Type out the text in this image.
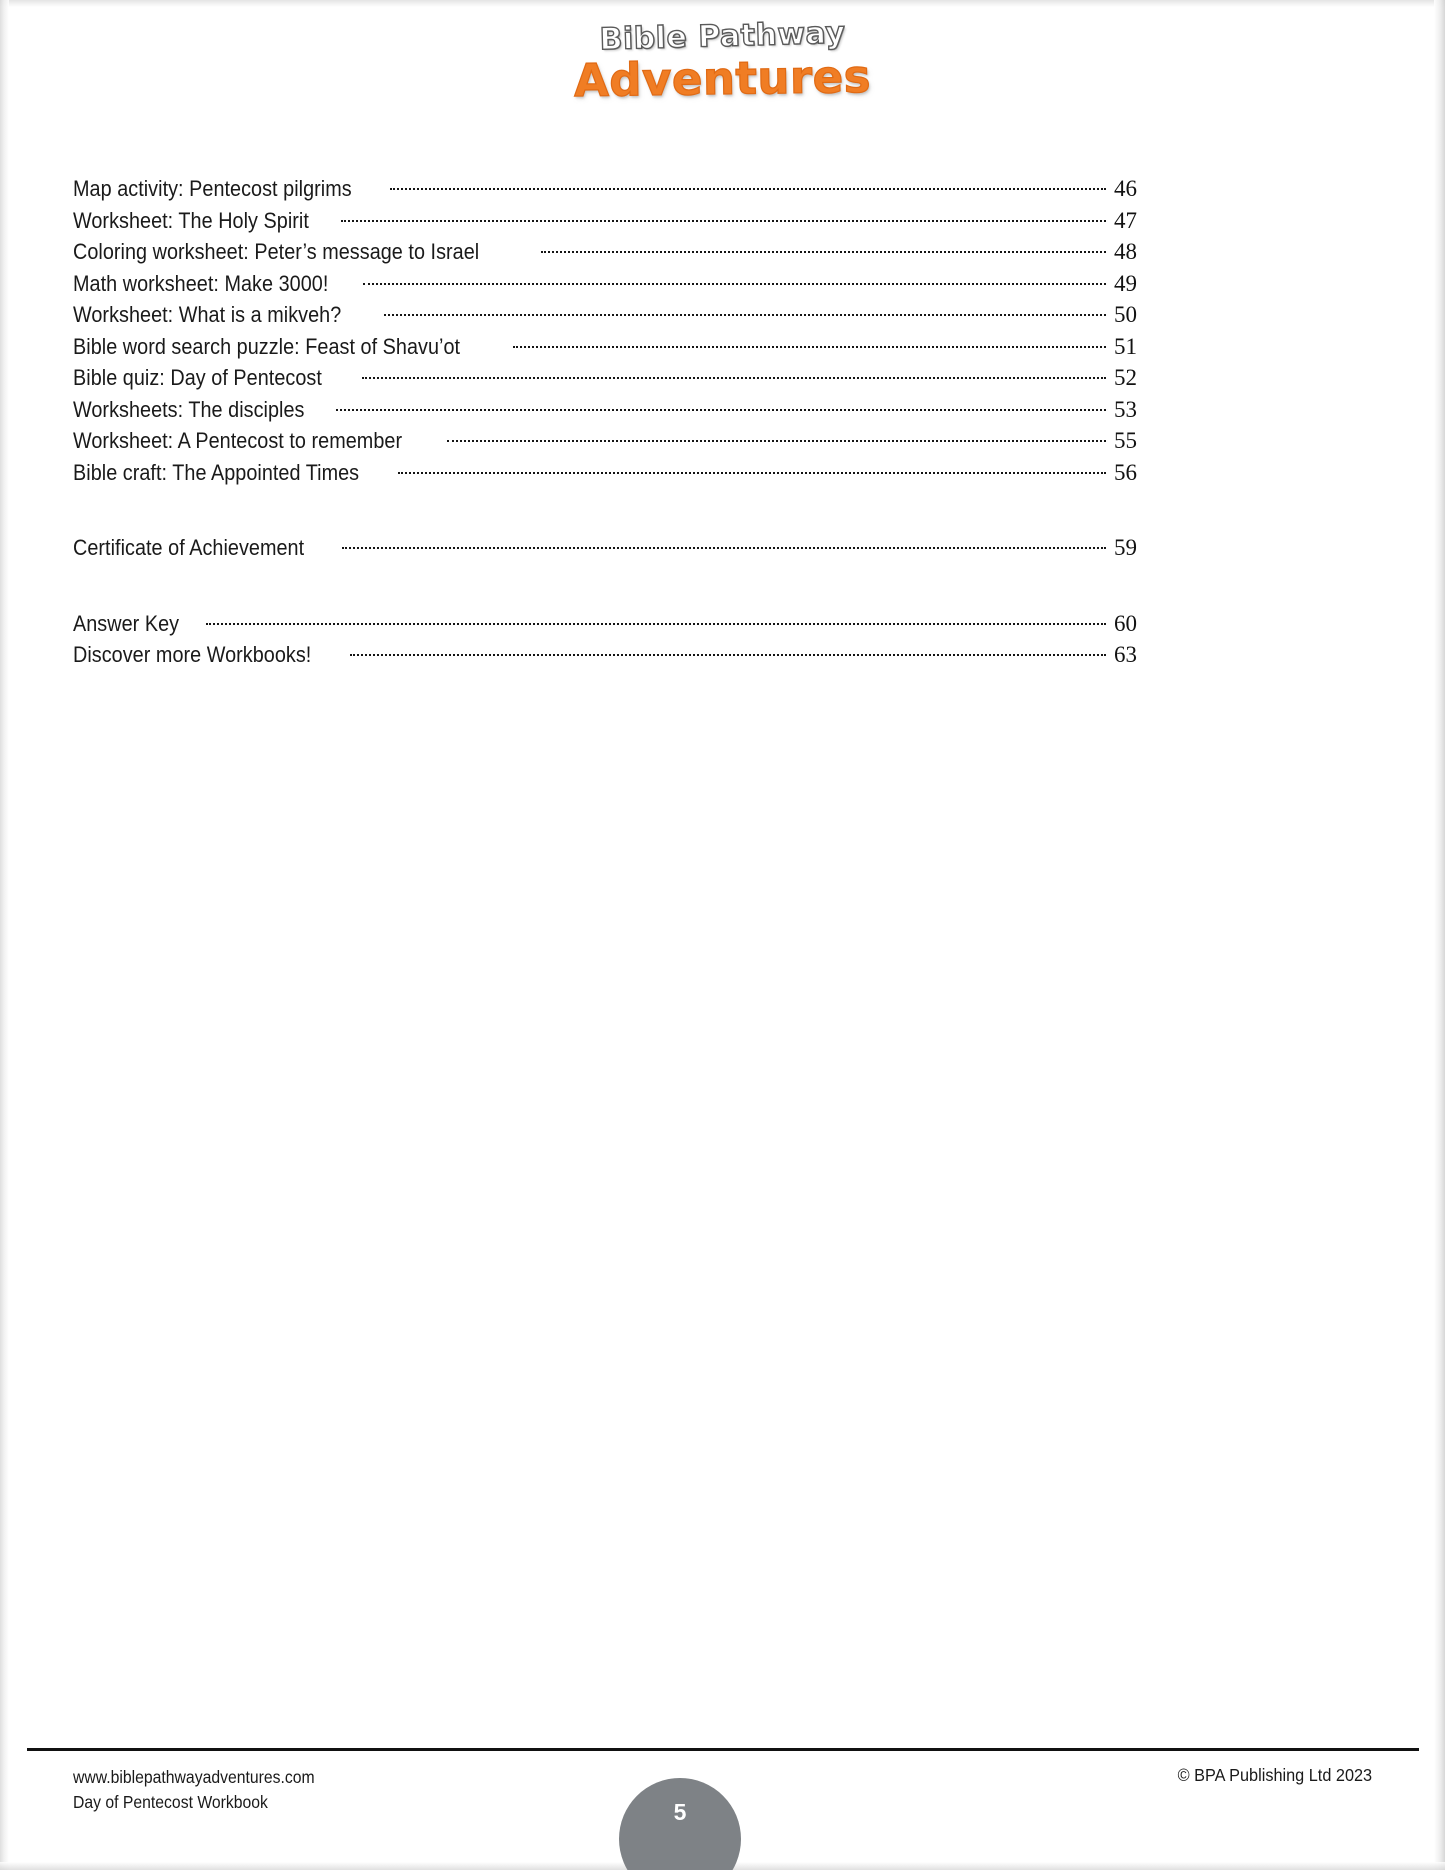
Bible Pathway
Adventures
Map activity: Pentecost pilgrims	46
Worksheet: The Holy Spirit	47
Coloring worksheet: Peter’s message to Israel	48
Math worksheet: Make 3000!	49
Worksheet: What is a mikveh?	50
Bible word search puzzle: Feast of Shavu’ot	51
Bible quiz: Day of Pentecost	52
Worksheets: The disciples	53
Worksheet: A Pentecost to remember	55
Bible craft: The Appointed Times	56
Certificate of Achievement	59
Answer Key	60
Discover more Workbooks!	63
www.biblepathwayadventures.com
Day of Pentecost Workbook
© BPA Publishing Ltd 2023
5
